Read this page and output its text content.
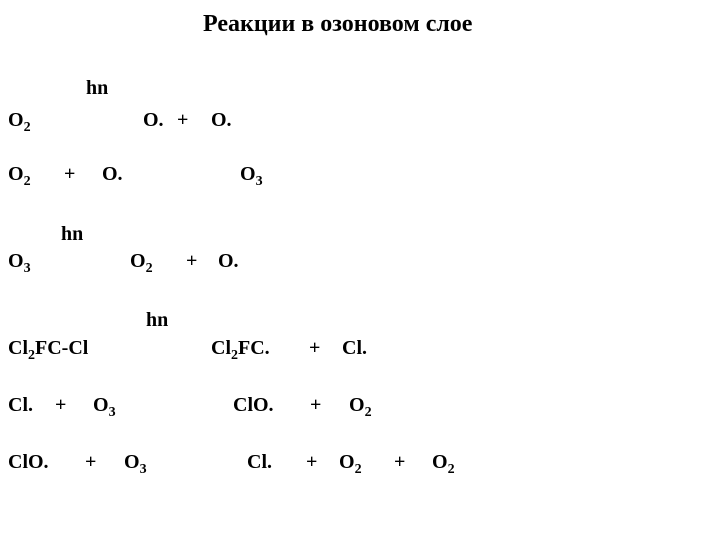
Реакции в озоновом слое
hn
$O_2$	O. + O.
$O_2 + O$.	$O_3$
hn
$O_3$	$O_2 + O$.
hn
$Cl_2FC-Cl$	$Cl_2FC$. + Cl.
Cl. + $O_3$	ClO. + $O_2$
ClO. + $O_3$	Cl. + $O_2 + O_2$
